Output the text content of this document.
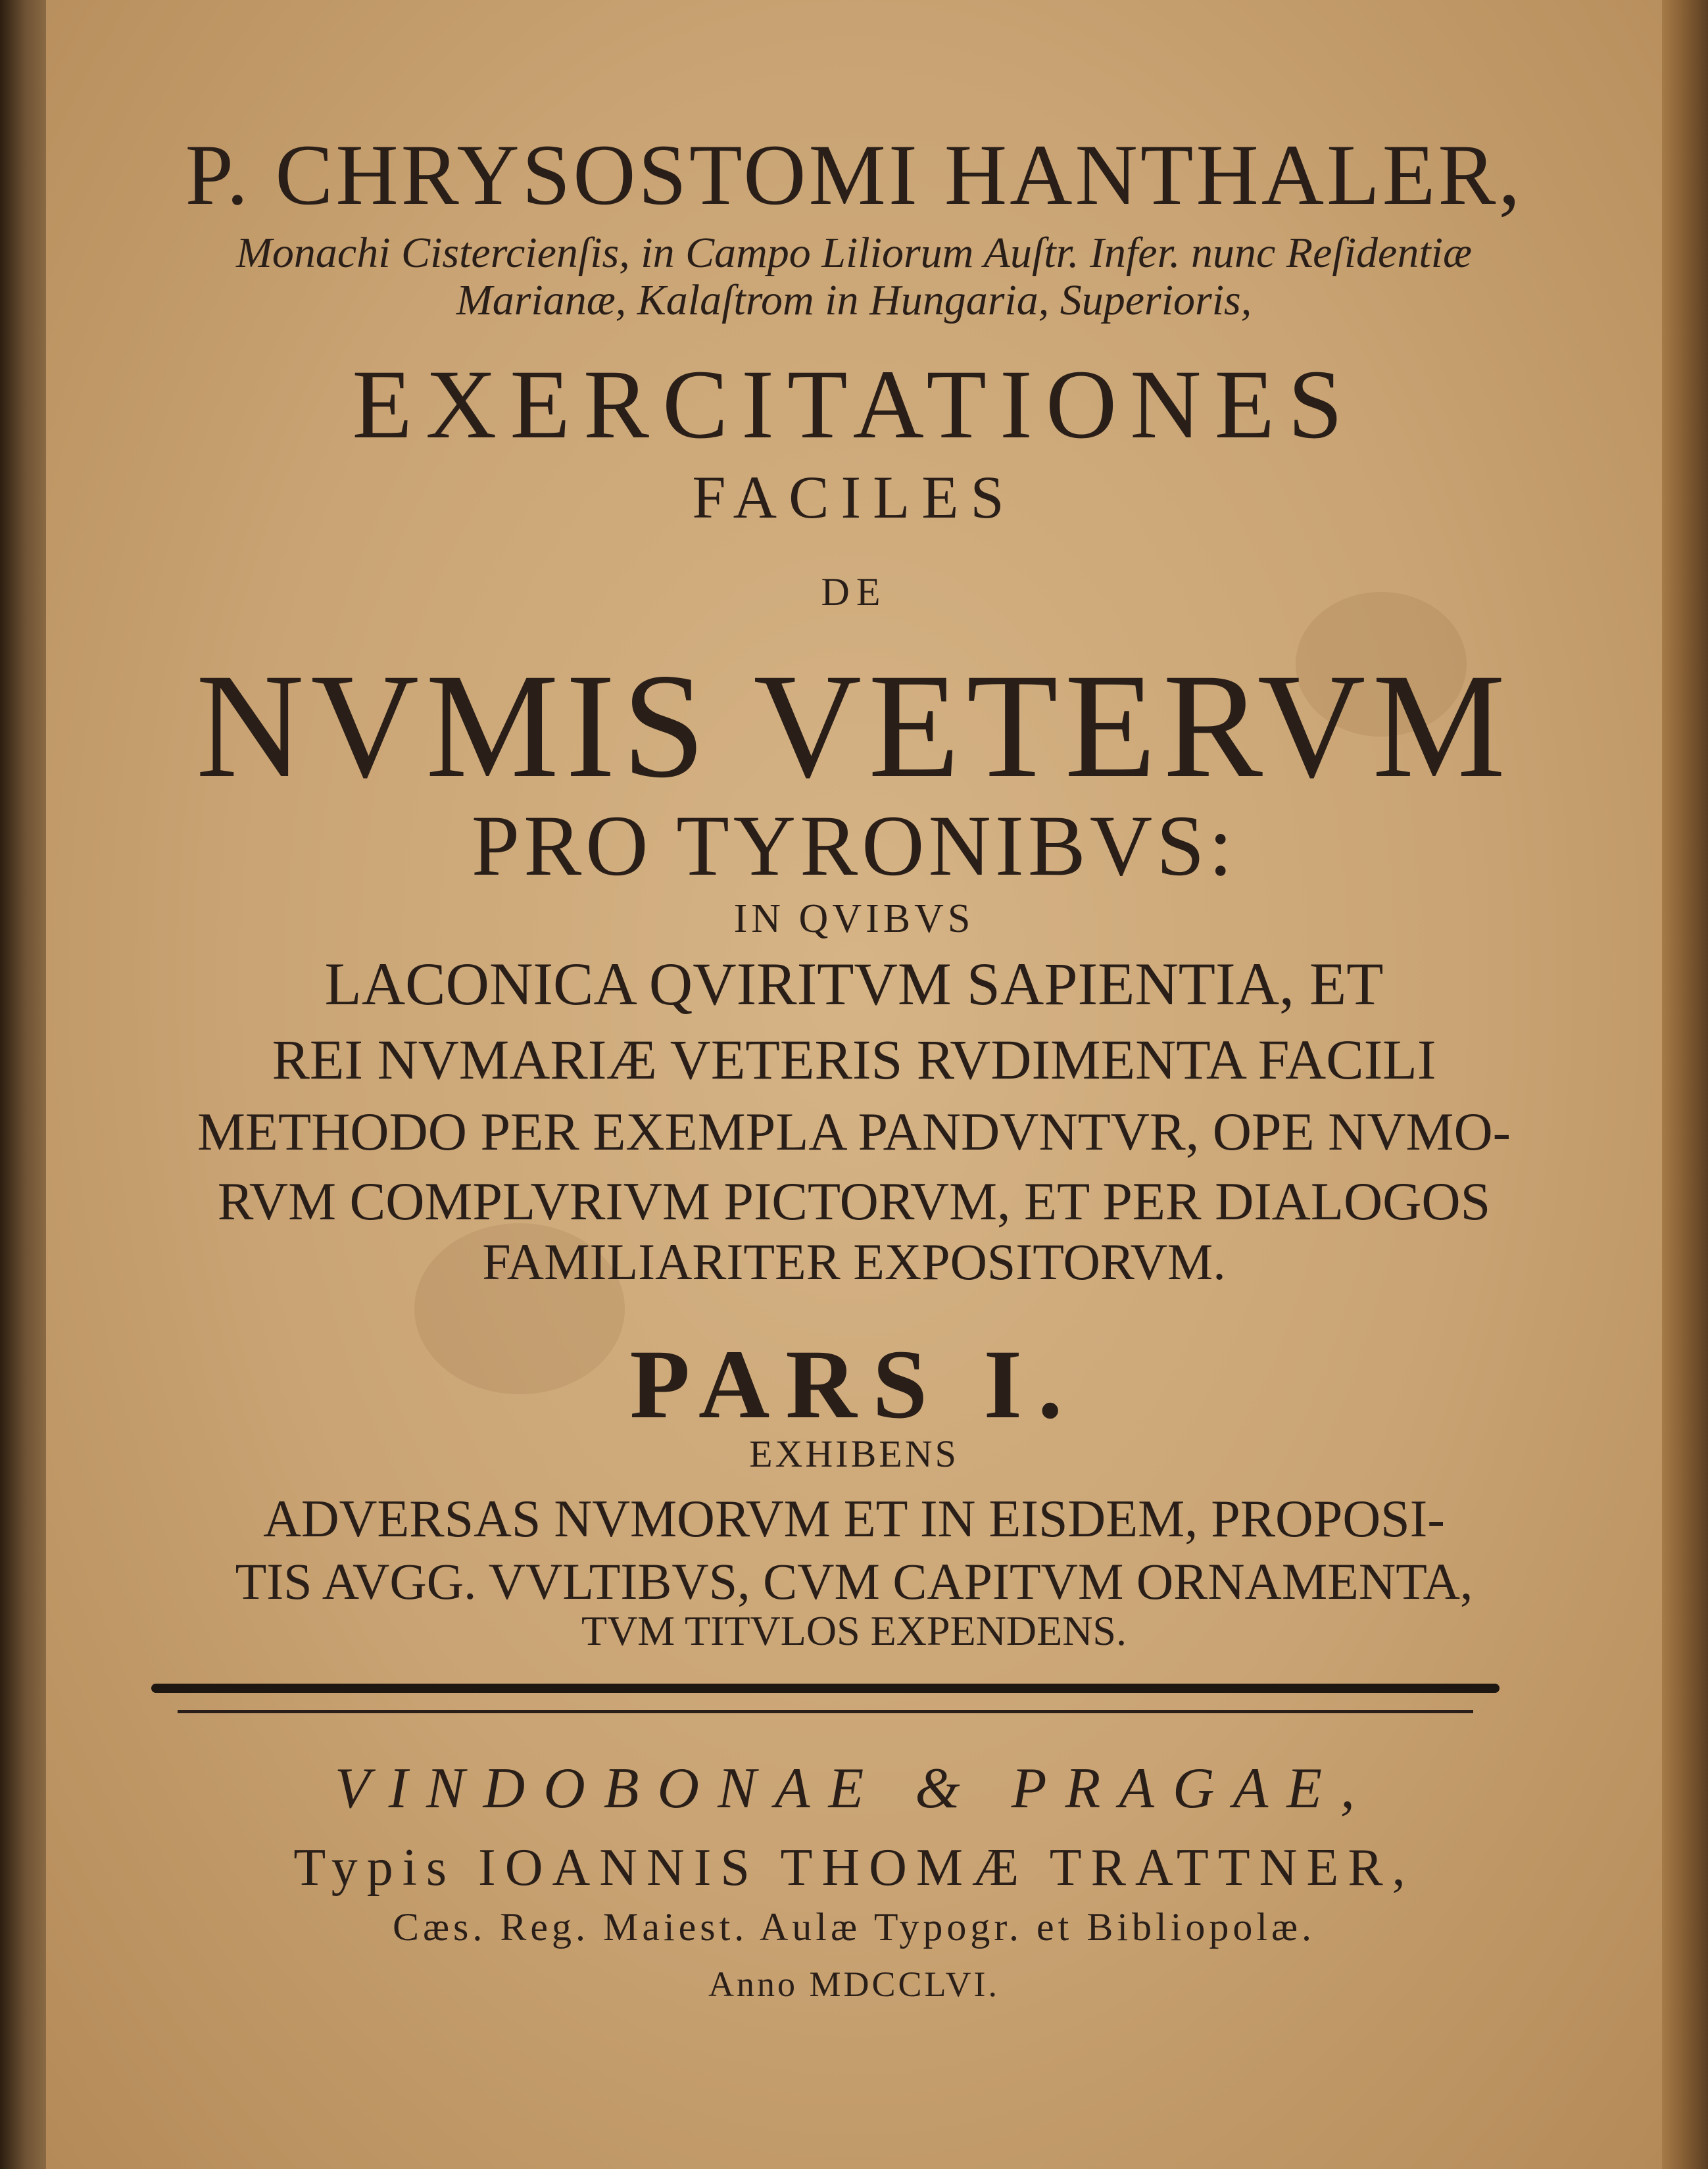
P. CHRYSOSTOMI HANTHALER,
Monachi Cistercienſis, in Campo Liliorum Auſtr. Infer. nunc Reſidentiæ
Marianæ, Kalaſtrom in Hungaria, Superioris,
EXERCITATIONES
FACILES
DE
NVMIS VETERVM
PRO TYRONIBVS:
IN QVIBVS
LACONICA QVIRITVM SAPIENTIA, ET
REI NVMARIÆ VETERIS RVDIMENTA FACILI
METHODO PER EXEMPLA PANDVNTVR, OPE NVMO-
RVM COMPLVRIVM PICTORVM, ET PER DIALOGOS
FAMILIARITER EXPOSITORVM.
PARS I.
EXHIBENS
ADVERSAS NVMORVM ET IN EISDEM, PROPOSI-
TIS AVGG. VVLTIBVS, CVM CAPITVM ORNAMENTA,
TVM TITVLOS EXPENDENS.
VINDOBONAE & PRAGAE,
Typis IOANNIS THOMÆ TRATTNER,
Cæs. Reg. Maiest. Aulæ Typogr. et Bibliopolæ.
Anno MDCCLVI.
